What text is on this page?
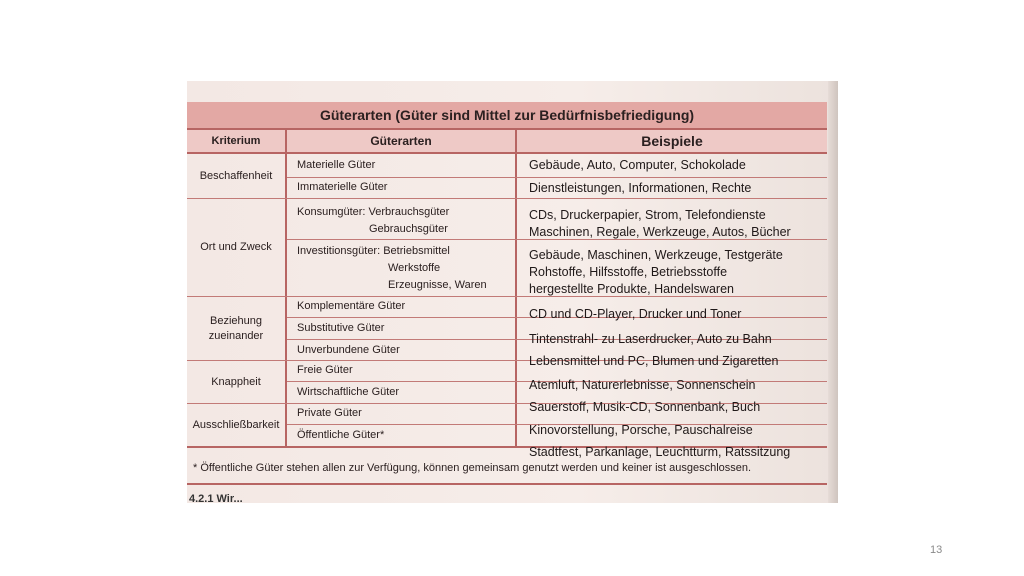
Güterarten (Güter sind Mittel zur Bedürfnisbefriedigung)
Kriterium	Güterarten	Beispiele
Beschaffenheit
Ort und Zweck
Beziehung zueinander
Knappheit
Ausschließbarkeit
Materielle Güter
Immaterielle Güter
Konsumgüter: Verbrauchsgüter
Gebrauchsgüter
Investitionsgüter: Betriebsmittel
Werkstoffe
Erzeugnisse, Waren
Komplementäre Güter
Substitutive Güter
Unverbundene Güter
Freie Güter
Wirtschaftliche Güter
Private Güter
Öffentliche Güter*
Gebäude, Auto, Computer, Schokolade
Dienstleistungen, Informationen, Rechte
CDs, Druckerpapier, Strom, Telefondienste
Maschinen, Regale, Werkzeuge, Autos, Bücher
Gebäude, Maschinen, Werkzeuge, Testgeräte
Rohstoffe, Hilfsstoffe, Betriebsstoffe
hergestellte Produkte, Handelswaren
CD und CD-Player, Drucker und Toner
Tintenstrahl- zu Laserdrucker, Auto zu Bahn
Lebensmittel und PC, Blumen und Zigaretten
Atemluft, Naturerlebnisse, Sonnenschein
Sauerstoff, Musik-CD, Sonnenbank, Buch
Kinovorstellung, Porsche, Pauschalreise
Stadtfest, Parkanlage, Leuchtturm, Ratssitzung
* Öffentliche Güter stehen allen zur Verfügung, können gemeinsam genutzt werden und keiner ist ausgeschlossen.
4.2.1 Wir...
13
